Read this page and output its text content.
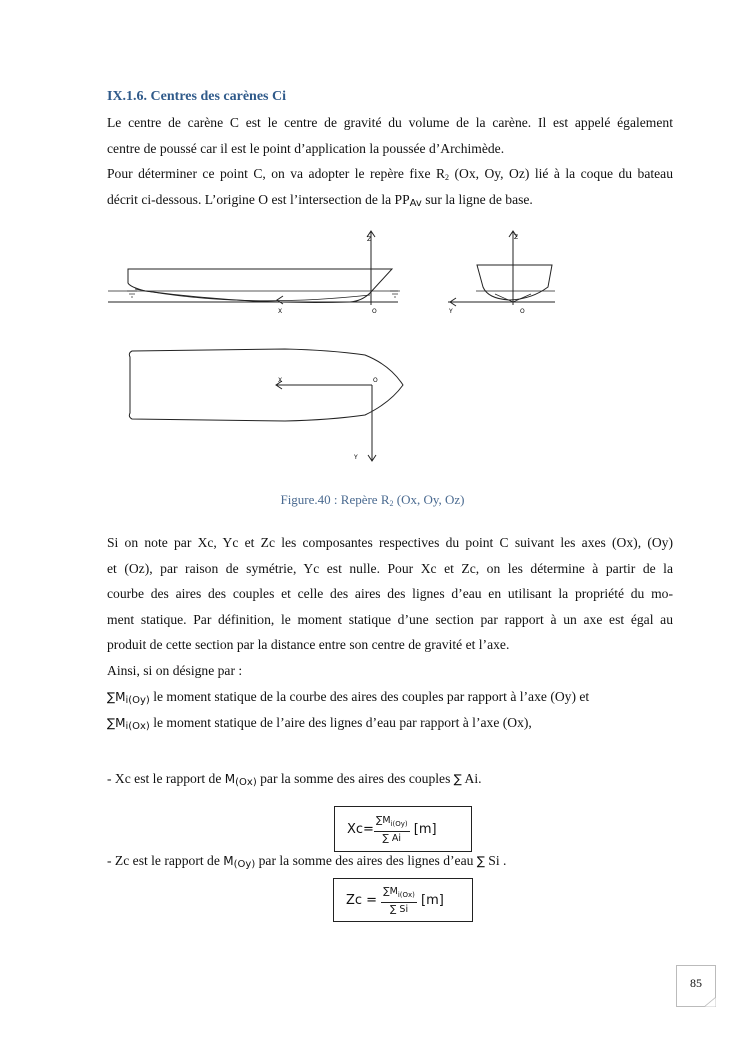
IX.1.6. Centres des carènes Ci
Le centre de carène C est le centre de gravité du volume de la carène. Il est appelé également
centre de poussé car il est le point d’application la poussée d’Archimède.
Pour déterminer ce point C, on va adopter le repère fixe $R_2$ (Ox, Oy, Oz) lié à la coque du bateau
décrit ci-dessous. L’origine O est l’intersection de la $PP_{Av}$ sur la ligne de base.
Z
X	O
Z
Y	O
X	O
Y
Figure.40 : Repère $R_2$ (Ox, Oy, Oz)
Si on note par Xc, Yc et Zc les composantes respectives du point C suivant les axes (Ox), (Oy)
et (Oz), par raison de symétrie, Yc est nulle. Pour Xc et Zc, on les détermine à partir de la
courbe des aires des couples et celle des aires des lignes d’eau en utilisant la propriété du mo-
ment statique. Par définition, le moment statique d’une section par rapport à un axe est égal au
produit de cette section par la distance entre son centre de gravité et l’axe.
Ainsi, si on désigne par :
$\sum M_{i(Oy)}$ le moment statique de la courbe des aires des couples par rapport à l’axe (Oy) et
$\sum M_{i(Ox)}$ le moment statique de l’aire des lignes d’eau par rapport à l’axe (Ox),
- Xc est le rapport de $M_{(Ox)}$ par la somme des aires des couples ∑ Ai.
$Xc= \frac{\sum M_{i(Oy)}}{\sum Ai} [m]$
- Zc est le rapport de $M_{(Oy)}$ par la somme des aires des lignes d’eau ∑ Si .
$Zc = \frac{\sum M_{i(Ox)}}{\sum Si} [m]$
85
